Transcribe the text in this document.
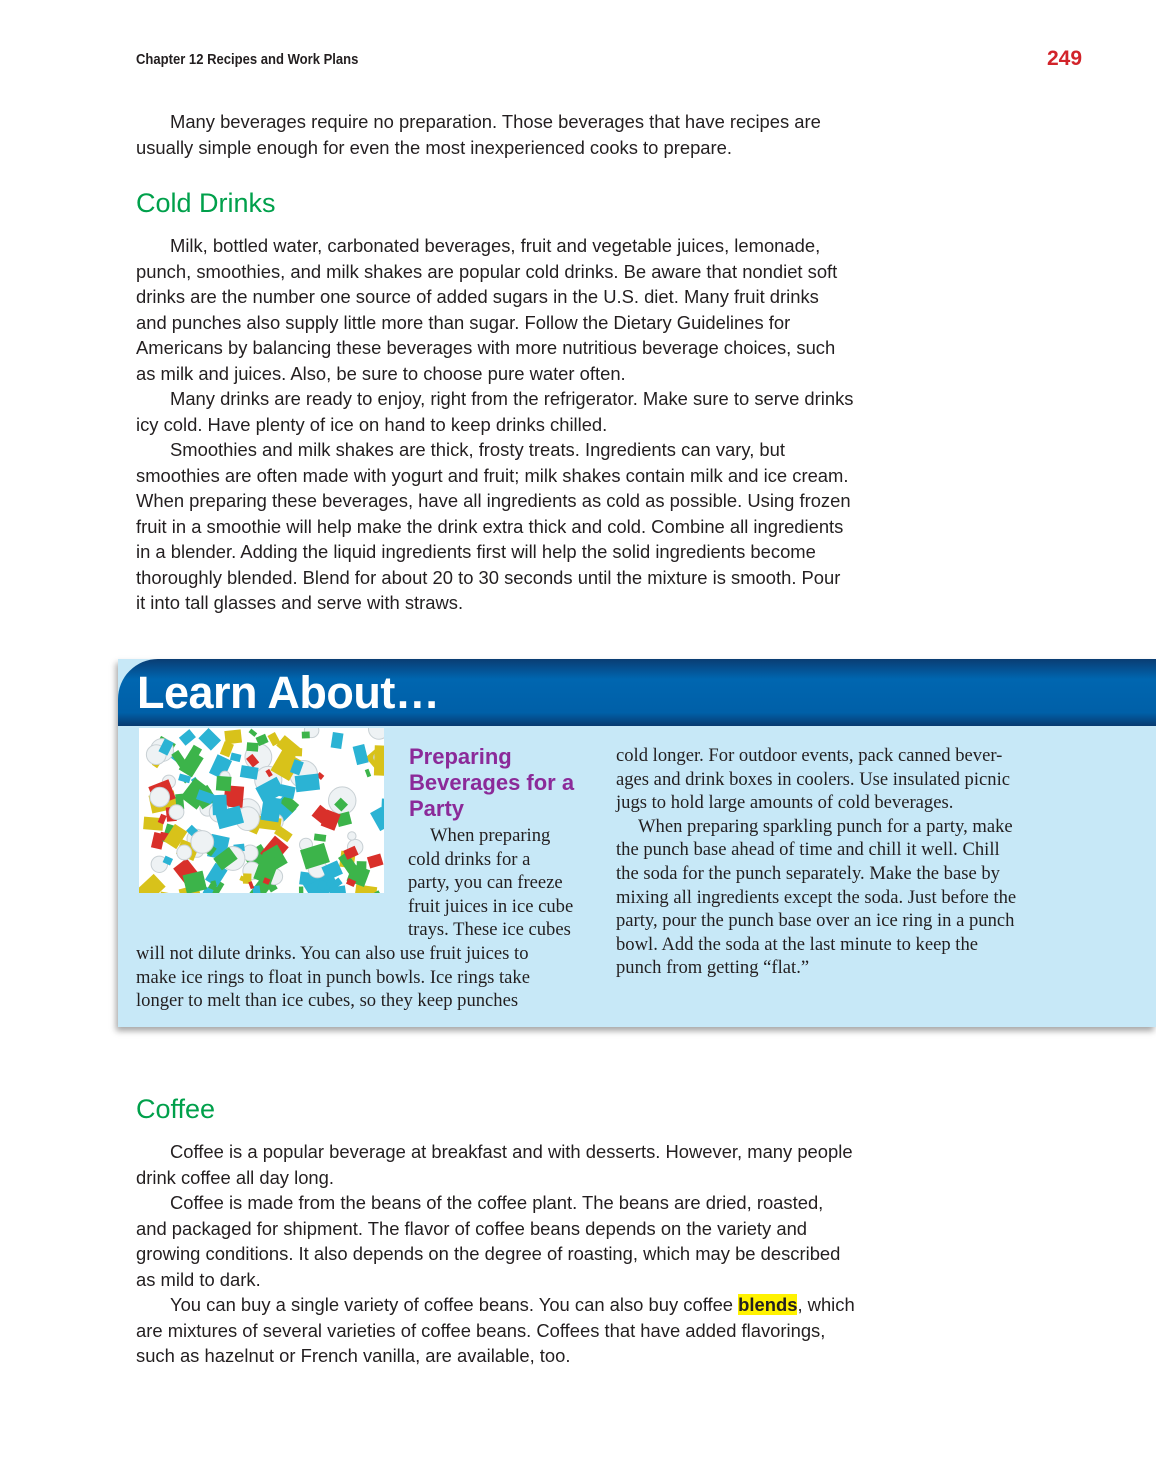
Chapter 12 Recipes and Work Plans	249
Many beverages require no preparation. Those beverages that have recipes are
usually simple enough for even the most inexperienced cooks to prepare.
Cold Drinks
Milk, bottled water, carbonated beverages, fruit and vegetable juices, lemonade,
punch, smoothies, and milk shakes are popular cold drinks. Be aware that nondiet soft
drinks are the number one source of added sugars in the U.S. diet. Many fruit drinks
and punches also supply little more than sugar. Follow the Dietary Guidelines for
Americans by balancing these beverages with more nutritious beverage choices, such
as milk and juices. Also, be sure to choose pure water often.
Many drinks are ready to enjoy, right from the refrigerator. Make sure to serve drinks
icy cold. Have plenty of ice on hand to keep drinks chilled.
Smoothies and milk shakes are thick, frosty treats. Ingredients can vary, but
smoothies are often made with yogurt and fruit; milk shakes contain milk and ice cream.
When preparing these beverages, have all ingredients as cold as possible. Using frozen
fruit in a smoothie will help make the drink extra thick and cold. Combine all ingredients
in a blender. Adding the liquid ingredients first will help the solid ingredients become
thoroughly blended. Blend for about 20 to 30 seconds until the mixture is smooth. Pour
it into tall glasses and serve with straws.
Learn About…
Preparing
Beverages for a
Party
When preparing
cold drinks for a
party, you can freeze
fruit juices in ice cube
trays. These ice cubes
will not dilute drinks. You can also use fruit juices to
make ice rings to float in punch bowls. Ice rings take
longer to melt than ice cubes, so they keep punches
cold longer. For outdoor events, pack canned bever-
ages and drink boxes in coolers. Use insulated picnic
jugs to hold large amounts of cold beverages.
When preparing sparkling punch for a party, make
the punch base ahead of time and chill it well. Chill
the soda for the punch separately. Make the base by
mixing all ingredients except the soda. Just before the
party, pour the punch base over an ice ring in a punch
bowl. Add the soda at the last minute to keep the
punch from getting “flat.”
Coffee
Coffee is a popular beverage at breakfast and with desserts. However, many people
drink coffee all day long.
Coffee is made from the beans of the coffee plant. The beans are dried, roasted,
and packaged for shipment. The flavor of coffee beans depends on the variety and
growing conditions. It also depends on the degree of roasting, which may be described
as mild to dark.
You can buy a single variety of coffee beans. You can also buy coffee blends, which
are mixtures of several varieties of coffee beans. Coffees that have added flavorings,
such as hazelnut or French vanilla, are available, too.
